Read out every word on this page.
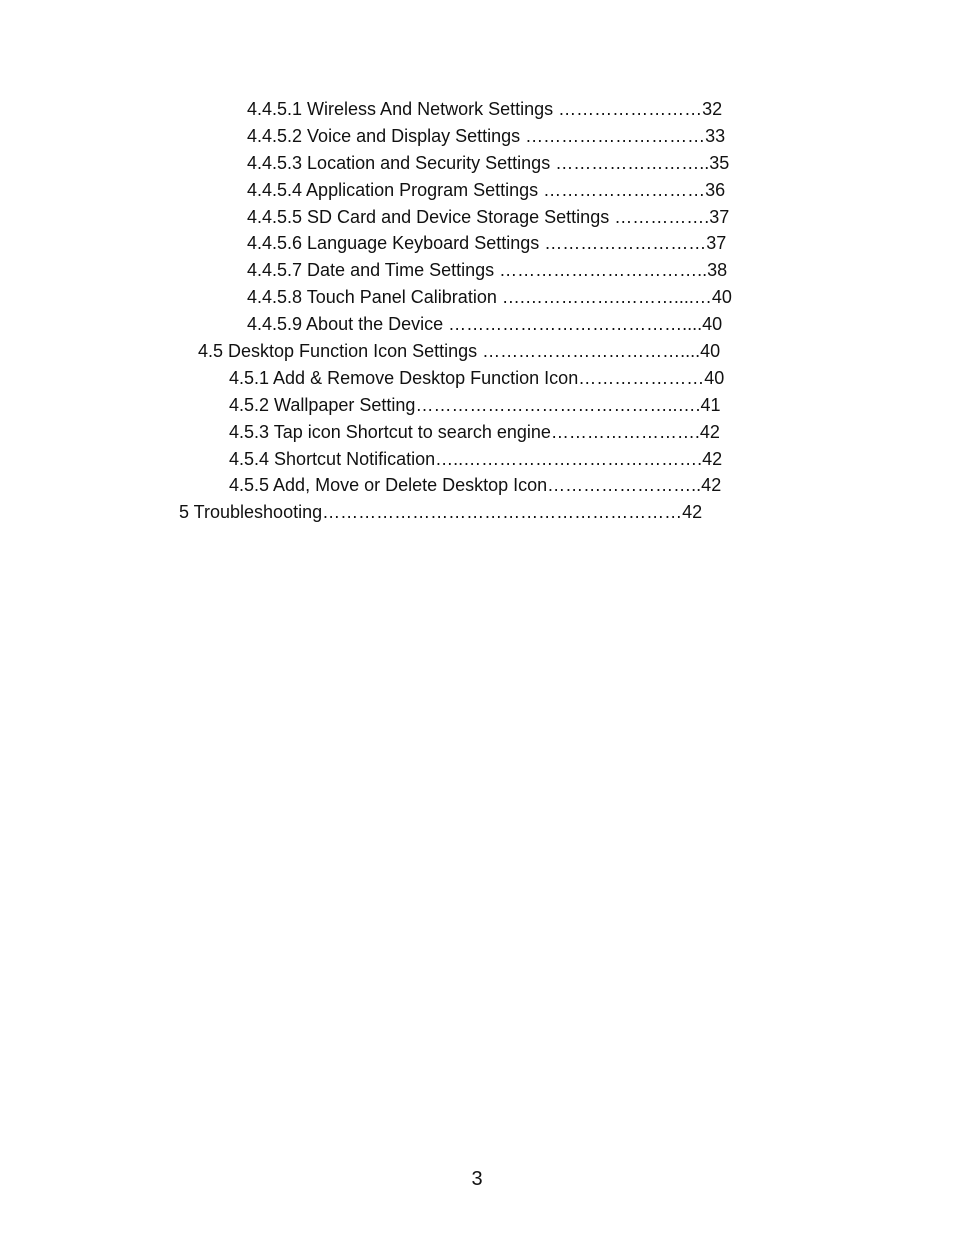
4.4.5.1 Wireless And Network Settings ……………………32
4.4.5.2 Voice and Display Settings …………………………33
4.4.5.3 Location and Security Settings ……………………..35
4.4.5.4 Application Program Settings ………………………36
4.4.5.5 SD Card and Device Storage Settings …………….37
4.4.5.6 Language Keyboard Settings ………………………37
4.4.5.7 Date and Time Settings ……………………………..38
4.4.5.8 Touch Panel Calibration ….…………….………....…40
4.4.5.9 About the Device …………………………………....40
4.5 Desktop Function Icon Settings ……………………………....40
4.5.1 Add & Remove Desktop Function Icon…………………40
4.5.2 Wallpaper Setting……………………………………..….41
4.5.3 Tap icon Shortcut to search engine…………………….42
4.5.4 Shortcut Notification…..………………………………….42
4.5.5 Add, Move or Delete Desktop Icon……………………..42
5 Troubleshooting……………………………………………………42
3
